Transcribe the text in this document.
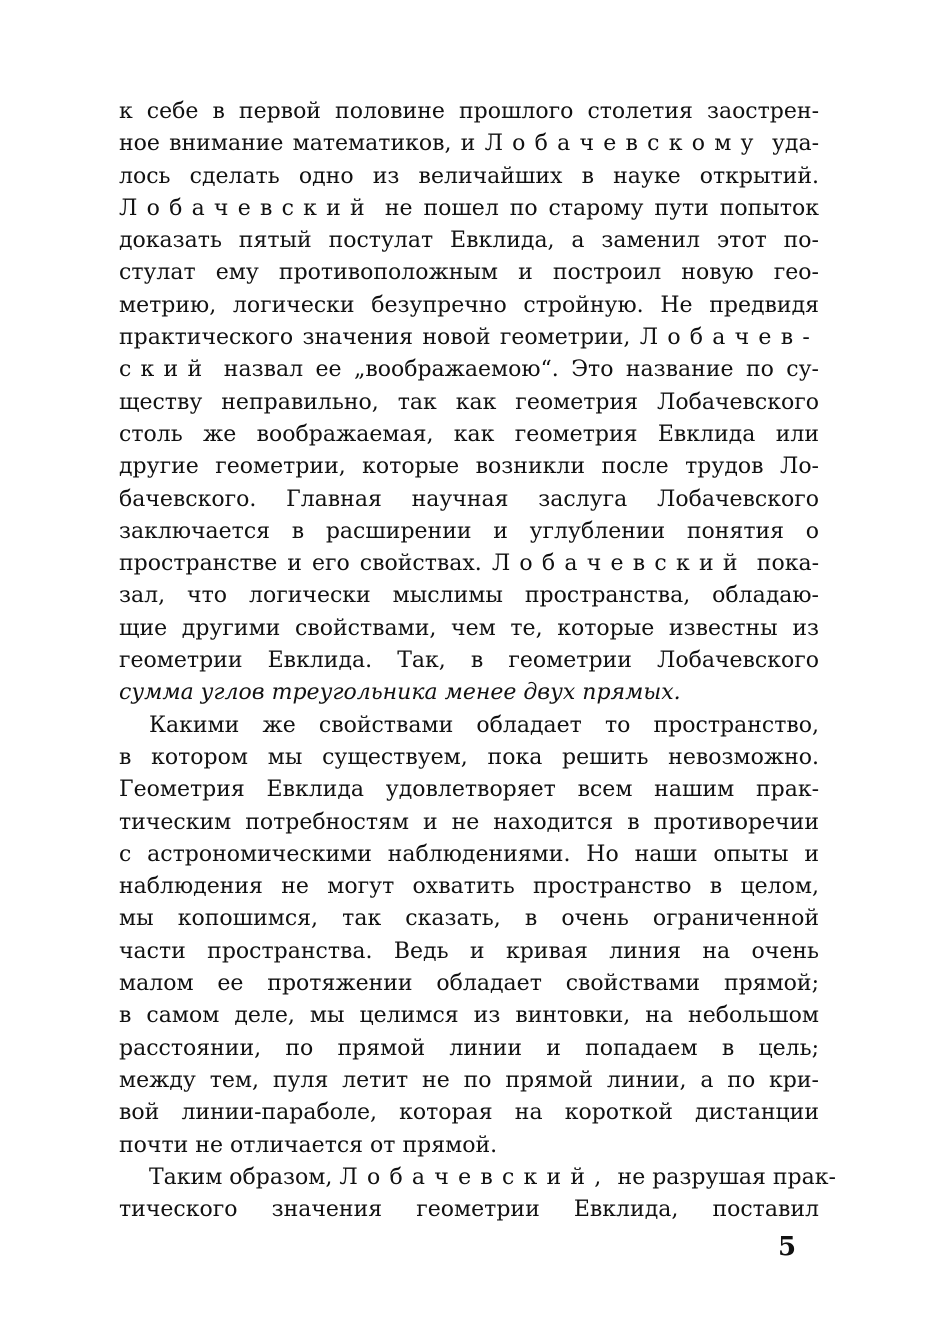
к себе в первой половине прошлого столетия заострен-
ное внимание математиков, и Лобачевскому уда-
лось сделать одно из величайших в науке открытий.
Лобачевский не пошел по старому пути попыток
доказать пятый постулат Евклида, а заменил этот по-
стулат ему противоположным и построил новую гео-
метрию, логически безупречно стройную. Не предвидя
практического значения новой геометрии, Лобачев-
ский назвал ее „воображаемою“. Это название по су-
ществу неправильно, так как геометрия Лобачевского
столь же воображаемая, как геометрия Евклида или
другие геометрии, которые возникли после трудов Ло-
бачевского. Главная научная заслуга Лобачевского
заключается в расширении и углублении понятия о
пространстве и его свойствах. Лобачевский пока-
зал, что логически мыслимы пространства, обладаю-
щие другими свойствами, чем те, которые известны из
геометрии Евклида. Так, в геометрии Лобачевского
сумма углов треугольника менее двух прямых.
Какими же свойствами обладает то пространство,
в котором мы существуем, пока решить невозможно.
Геометрия Евклида удовлетворяет всем нашим прак-
тическим потребностям и не находится в противоречии
с астрономическими наблюдениями. Но наши опыты и
наблюдения не могут охватить пространство в целом,
мы копошимся, так сказать, в очень ограниченной
части пространства. Ведь и кривая линия на очень
малом ее протяжении обладает свойствами прямой;
в самом деле, мы целимся из винтовки, на небольшом
расстоянии, по прямой линии и попадаем в цель;
между тем, пуля летит не по прямой линии, а по кри-
вой линии-параболе, которая на короткой дистанции
почти не отличается от прямой.
Таким образом, Лобачевский, не разрушая прак-
тического значения геометрии Евклида, поставил
5
